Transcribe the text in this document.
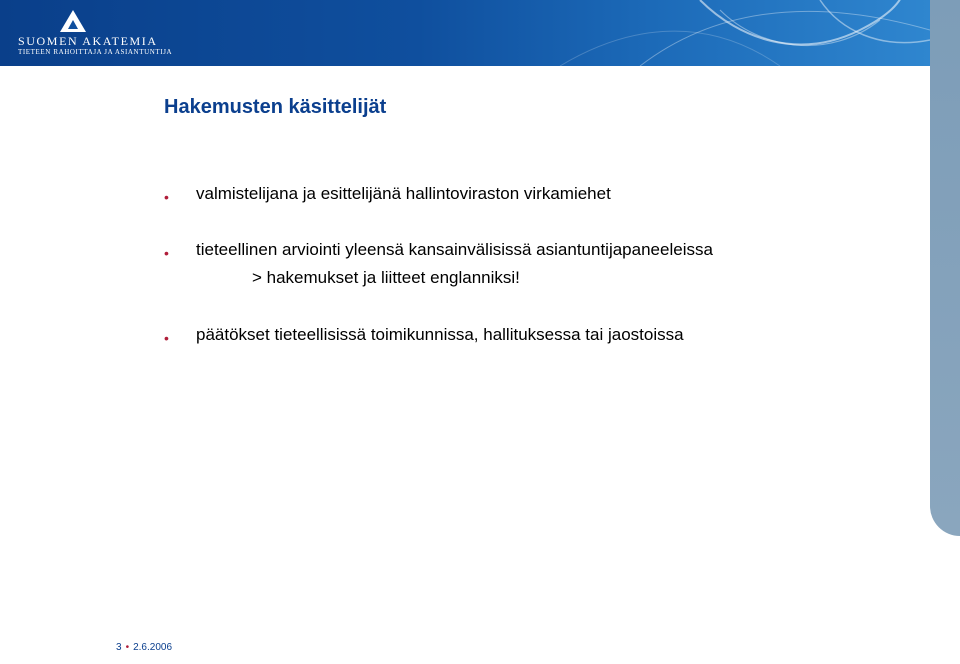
SUOMEN AKATEMIA
TIETEEN RAHOITTAJA JA ASIANTUNTIJA
Hakemusten käsittelijät
• valmistelijana ja esittelijänä hallintoviraston virkamiehet
• tieteellinen arviointi yleensä kansainvälisissä asiantuntijapaneeleissa
> hakemukset ja liitteet englanniksi!
• päätökset tieteellisissä toimikunnissa, hallituksessa tai jaostoissa
3 • 2.6.2006
